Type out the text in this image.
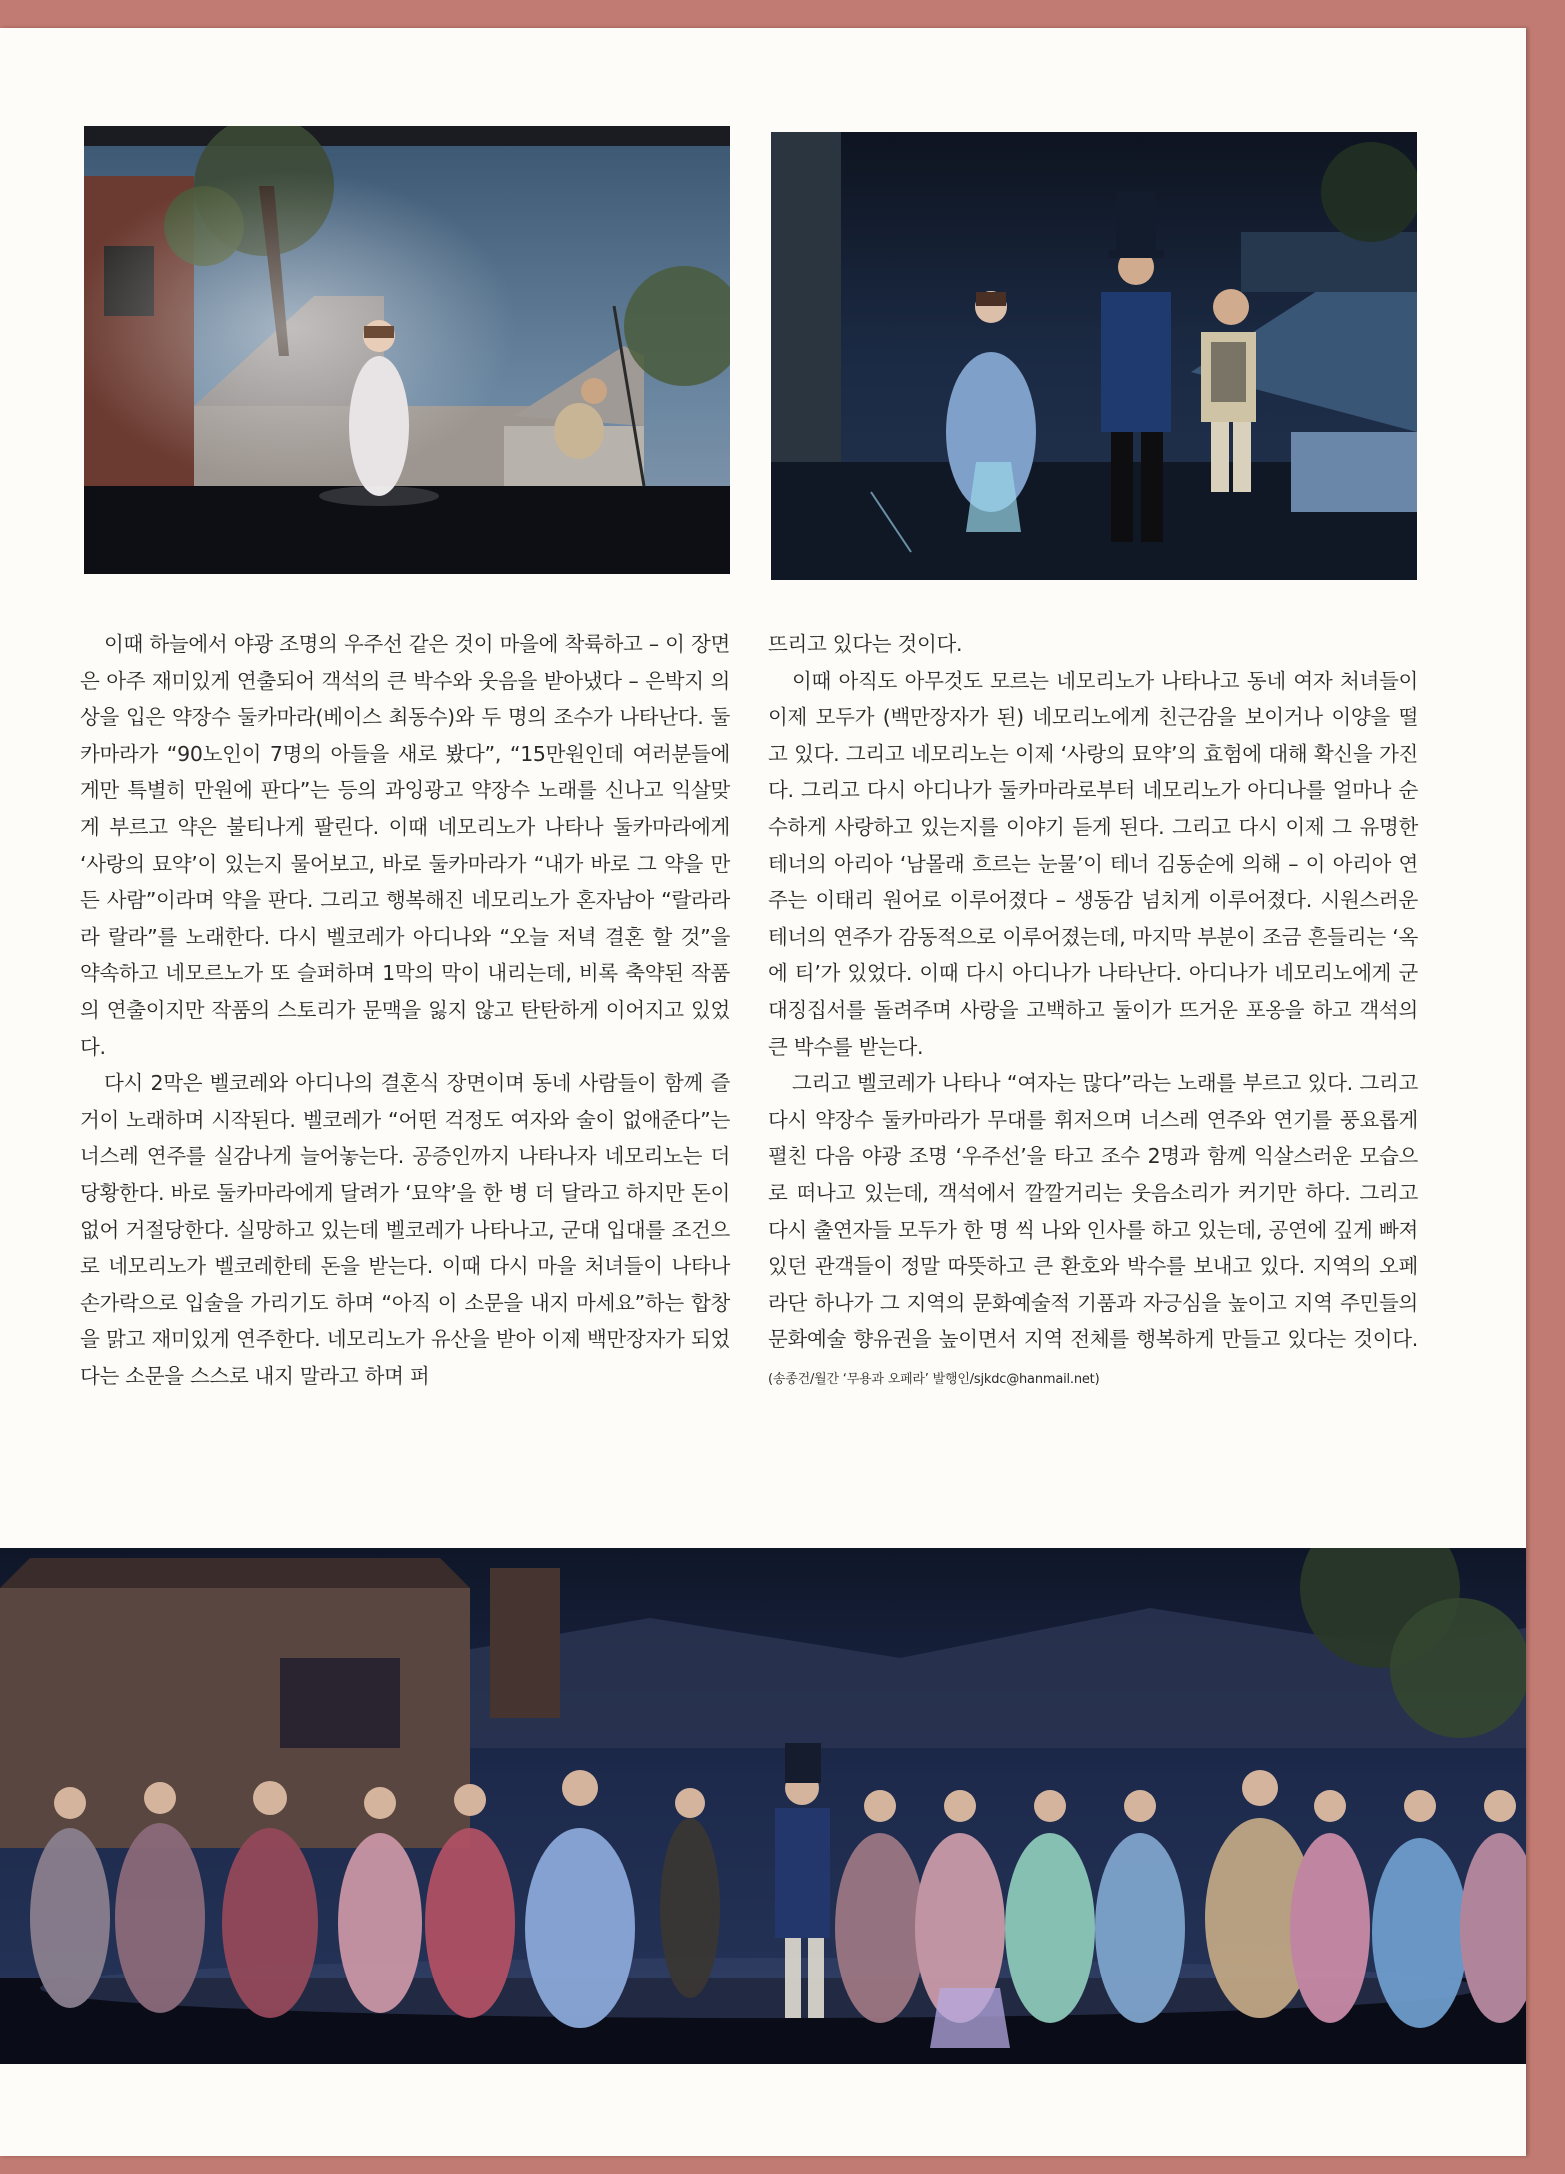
이때 하늘에서 야광 조명의 우주선 같은 것이 마을에 착륙하고 – 이 장면은 아주 재미있게 연출되어 객석의 큰 박수와 웃음을 받아냈다 – 은박지 의상을 입은 약장수 둘카마라(베이스 최동수)와 두 명의 조수가 나타난다. 둘카마라가 “90노인이 7명의 아들을 새로 봤다”, “15만원인데 여러분들에게만 특별히 만원에 판다”는 등의 과잉광고 약장수 노래를 신나고 익살맞게 부르고 약은 불티나게 팔린다. 이때 네모리노가 나타나 둘카마라에게 ‘사랑의 묘약’이 있는지 물어보고, 바로 둘카마라가 “내가 바로 그 약을 만든 사람”이라며 약을 판다. 그리고 행복해진 네모리노가 혼자남아 “랄라라라 랄라”를 노래한다. 다시 벨코레가 아디나와 “오늘 저녁 결혼 할 것”을 약속하고 네모르노가 또 슬퍼하며 1막의 막이 내리는데, 비록 축약된 작품의 연출이지만 작품의 스토리가 문맥을 잃지 않고 탄탄하게 이어지고 있었다.

다시 2막은 벨코레와 아디나의 결혼식 장면이며 동네 사람들이 함께 즐거이 노래하며 시작된다. 벨코레가 “어떤 걱정도 여자와 술이 없애준다”는 너스레 연주를 실감나게 늘어놓는다. 공증인까지 나타나자 네모리노는 더 당황한다. 바로 둘카마라에게 달려가 ‘묘약’을 한 병 더 달라고 하지만 돈이 없어 거절당한다. 실망하고 있는데 벨코레가 나타나고, 군대 입대를 조건으로 네모리노가 벨코레한테 돈을 받는다. 이때 다시 마을 처녀들이 나타나 손가락으로 입술을 가리기도 하며 “아직 이 소문을 내지 마세요”하는 합창을 맑고 재미있게 연주한다. 네모리노가 유산을 받아 이제 백만장자가 되었다는 소문을 스스로 내지 말라고 하며 퍼

뜨리고 있다는 것이다.

이때 아직도 아무것도 모르는 네모리노가 나타나고 동네 여자 처녀들이 이제 모두가 (백만장자가 된) 네모리노에게 친근감을 보이거나 이양을 떨고 있다. 그리고 네모리노는 이제 ‘사랑의 묘약’의 효험에 대해 확신을 가진다. 그리고 다시 아디나가 둘카마라로부터 네모리노가 아디나를 얼마나 순수하게 사랑하고 있는지를 이야기 듣게 된다. 그리고 다시 이제 그 유명한 테너의 아리아 ‘남몰래 흐르는 눈물’이 테너 김동순에 의해 – 이 아리아 연주는 이태리 원어로 이루어졌다 – 생동감 넘치게 이루어졌다. 시원스러운 테너의 연주가 감동적으로 이루어졌는데, 마지막 부분이 조금 흔들리는 ‘옥에 티’가 있었다. 이때 다시 아디나가 나타난다. 아디나가 네모리노에게 군대징집서를 돌려주며 사랑을 고백하고 둘이가 뜨거운 포옹을 하고 객석의 큰 박수를 받는다.

그리고 벨코레가 나타나 “여자는 많다”라는 노래를 부르고 있다. 그리고 다시 약장수 둘카마라가 무대를 휘저으며 너스레 연주와 연기를 풍요롭게 펼친 다음 야광 조명 ‘우주선’을 타고 조수 2명과 함께 익살스러운 모습으로 떠나고 있는데, 객석에서 깔깔거리는 웃음소리가 커기만 하다. 그리고 다시 출연자들 모두가 한 명 씩 나와 인사를 하고 있는데, 공연에 깊게 빠져 있던 관객들이 정말 따뜻하고 큰 환호와 박수를 보내고 있다. 지역의 오페라단 하나가 그 지역의 문화예술적 기품과 자긍심을 높이고 지역 주민들의 문화예술 향유권을 높이면서 지역 전체를 행복하게 만들고 있다는 것이다. (송종건/월간 ‘무용과 오페라’ 발행인/sjkdc@hanmail.net)
